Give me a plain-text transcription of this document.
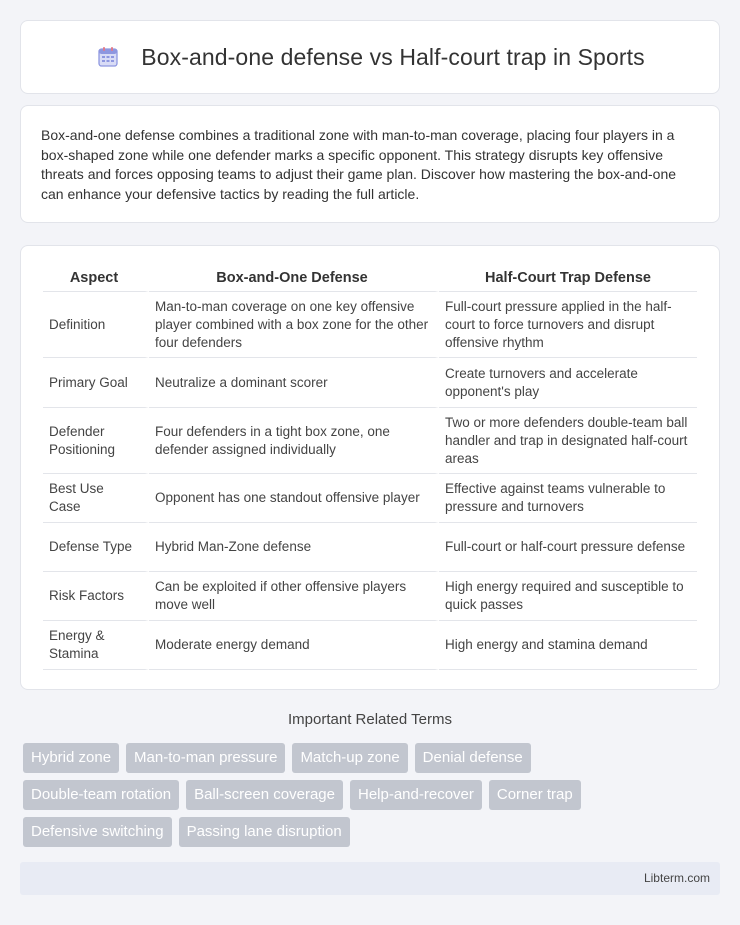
Box-and-one defense vs Half-court trap in Sports

Box-and-one defense combines a traditional zone with man-to-man coverage, placing four players in a box-shaped zone while one defender marks a specific opponent. This strategy disrupts key offensive threats and forces opposing teams to adjust their game plan. Discover how mastering the box-and-one can enhance your defensive tactics by reading the full article.

Aspect	Box-and-One Defense	Half-Court Trap Defense
Definition	Man-to-man coverage on one key offensive player combined with a box zone for the other four defenders	Full-court pressure applied in the half-court to force turnovers and disrupt offensive rhythm
Primary Goal	Neutralize a dominant scorer	Create turnovers and accelerate opponent's play
Defender Positioning	Four defenders in a tight box zone, one defender assigned individually	Two or more defenders double-team ball handler and trap in designated half-court areas
Best Use Case	Opponent has one standout offensive player	Effective against teams vulnerable to pressure and turnovers
Defense Type	Hybrid Man-Zone defense	Full-court or half-court pressure defense
Risk Factors	Can be exploited if other offensive players move well	High energy required and susceptible to quick passes
Energy & Stamina	Moderate energy demand	High energy and stamina demand
Important Related Terms
Hybrid zone	Man-to-man pressure	Match-up zone	Denial defense
Double-team rotation	Ball-screen coverage	Help-and-recover	Corner trap
Defensive switching	Passing lane disruption
Libterm.com
